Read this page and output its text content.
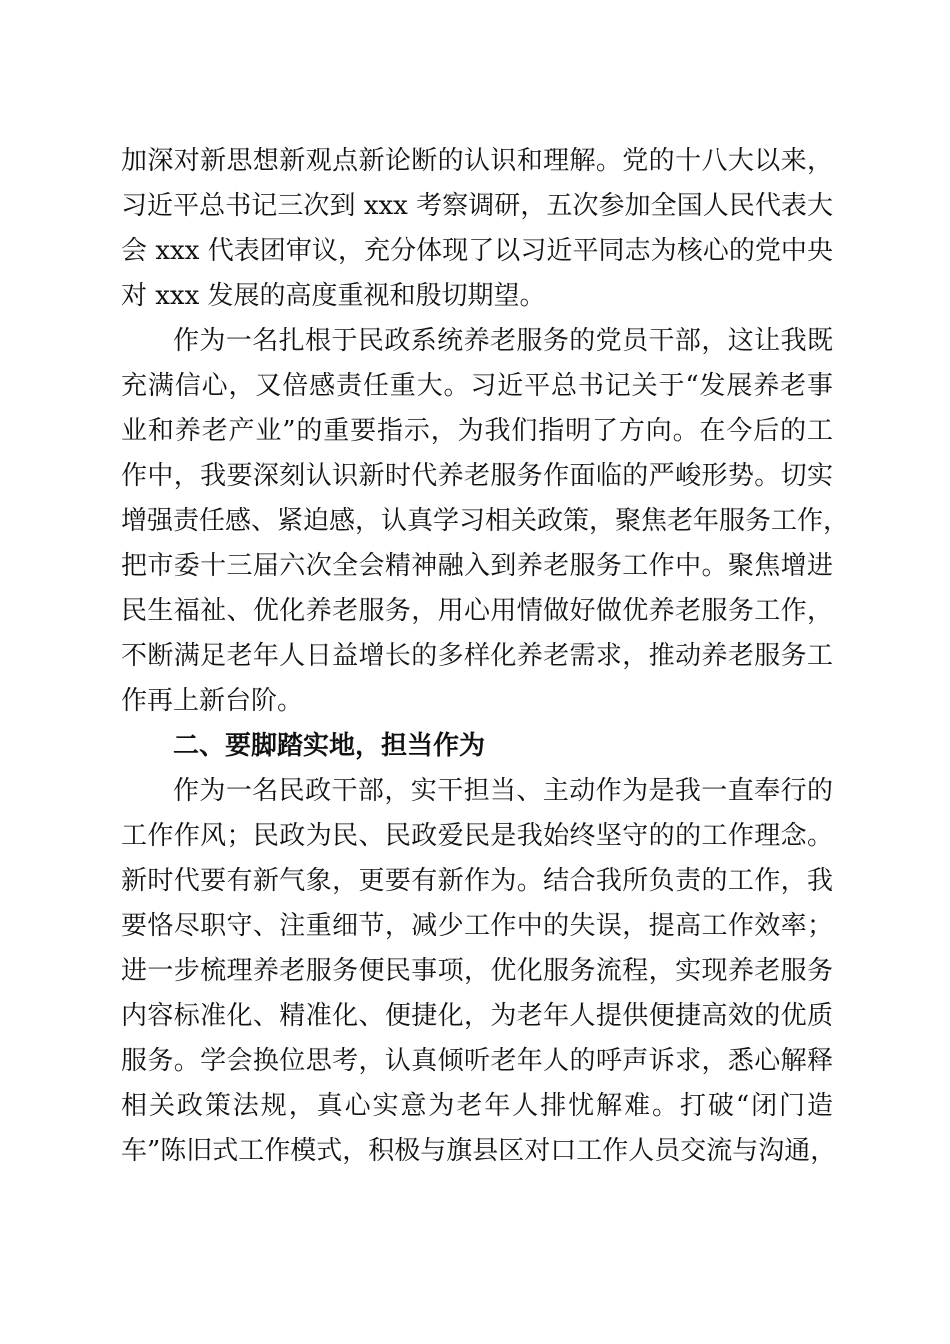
加深对新思想新观点新论断的认识和理解。党的十八大以来，
习近平总书记三次到 xxx 考察调研，五次参加全国人民代表大
会 xxx 代表团审议，充分体现了以习近平同志为核心的党中央
对 xxx 发展的高度重视和殷切期望。
作为一名扎根于民政系统养老服务的党员干部，这让我既
充满信心，又倍感责任重大。习近平总书记关于“发展养老事
业和养老产业”的重要指示，为我们指明了方向。在今后的工
作中，我要深刻认识新时代养老服务作面临的严峻形势。切实
增强责任感、紧迫感，认真学习相关政策，聚焦老年服务工作，
把市委十三届六次全会精神融入到养老服务工作中。聚焦增进
民生福祉、优化养老服务，用心用情做好做优养老服务工作，
不断满足老年人日益增长的多样化养老需求，推动养老服务工
作再上新台阶。
二、要脚踏实地，担当作为
作为一名民政干部，实干担当、主动作为是我一直奉行的
工作作风；民政为民、民政爱民是我始终坚守的的工作理念。
新时代要有新气象，更要有新作为。结合我所负责的工作，我
要恪尽职守、注重细节，减少工作中的失误，提高工作效率；
进一步梳理养老服务便民事项，优化服务流程，实现养老服务
内容标准化、精准化、便捷化，为老年人提供便捷高效的优质
服务。学会换位思考，认真倾听老年人的呼声诉求，悉心解释
相关政策法规，真心实意为老年人排忧解难。打破“闭门造
车”陈旧式工作模式，积极与旗县区对口工作人员交流与沟通，
